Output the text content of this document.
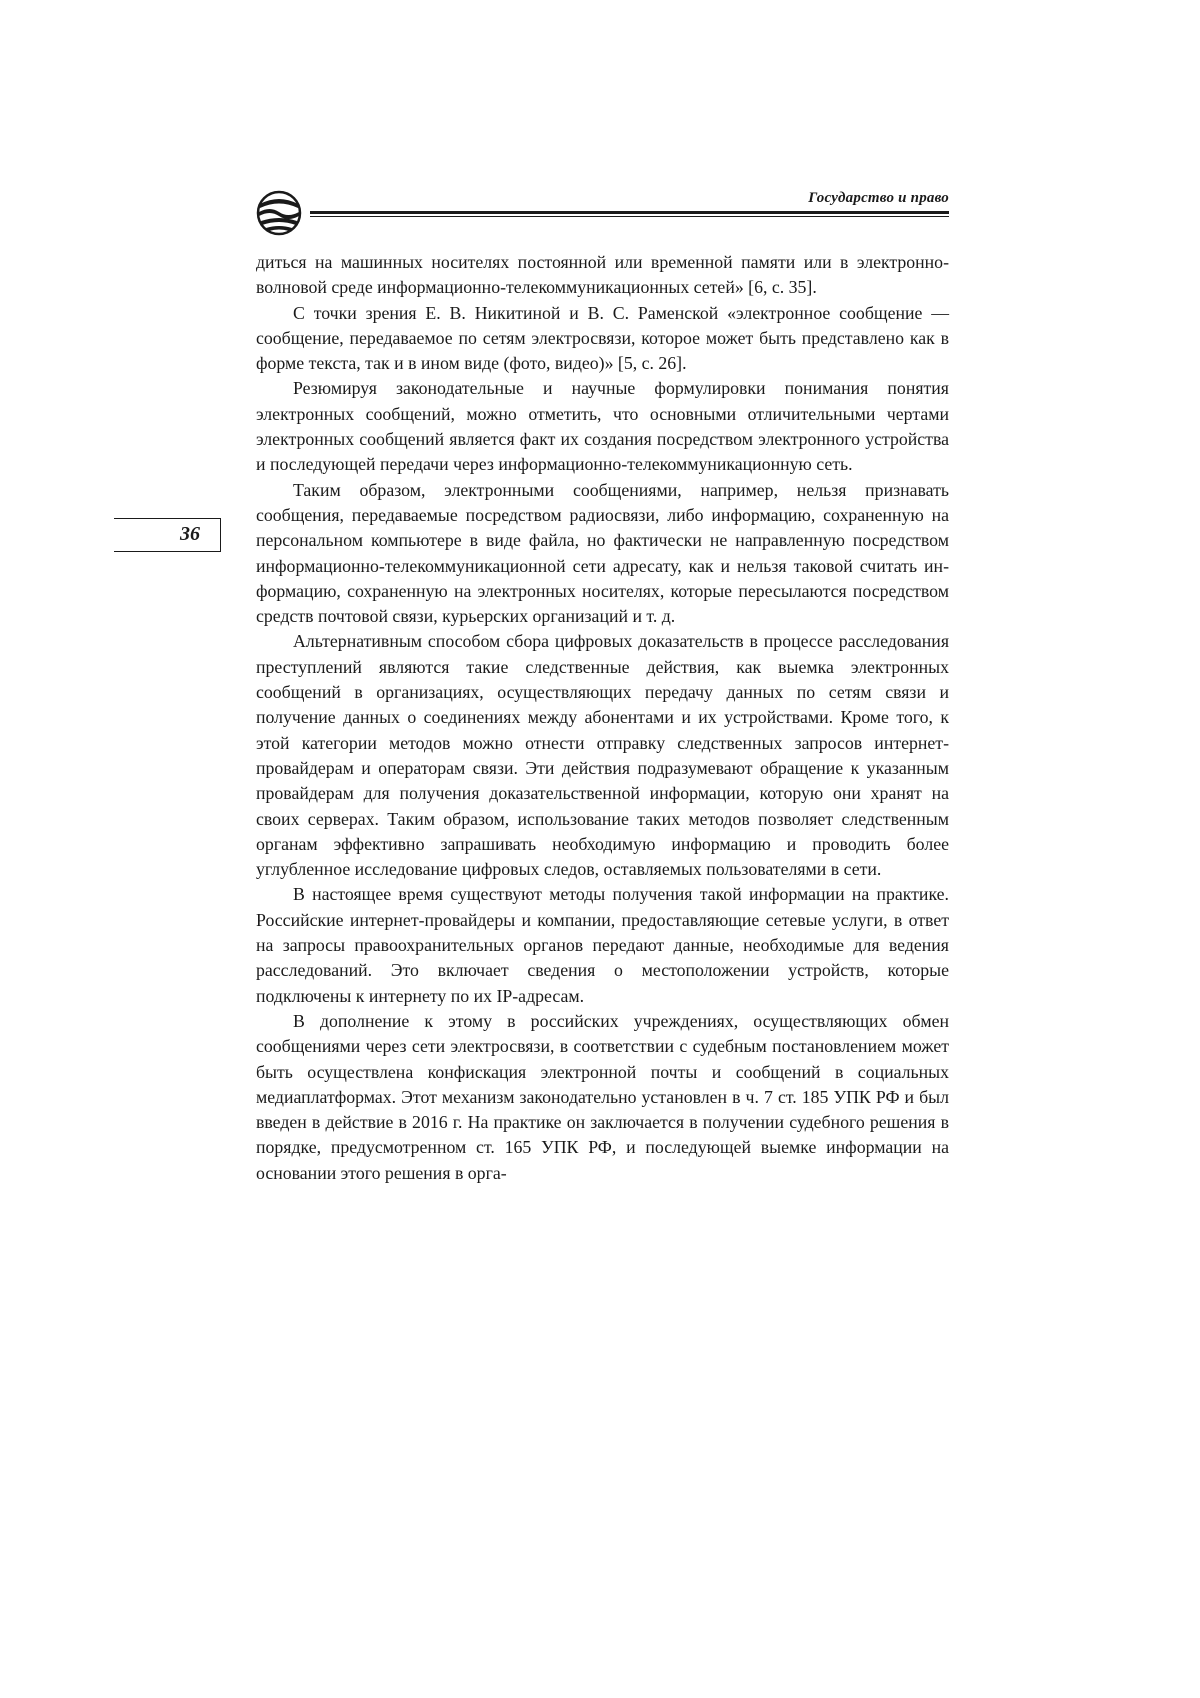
Государство и право
36

диться на машинных носителях постоянной или временной памяти или в электронно-волновой среде информационно-телекоммуникационных сетей» [6, с. 35].

С точки зрения Е. В. Никитиной и В. С. Раменской «электронное сообщение — сообщение, передаваемое по сетям электросвязи, которое может быть представлено как в форме текста, так и в ином виде (фото, видео)» [5, с. 26].

Резюмируя законодательные и научные формулировки понимания понятия электронных сообщений, можно отметить, что основными отличительными чертами электронных сообщений является факт их создания посредством электронного устройства и последующей передачи через информационно-телекоммуникационную сеть.

Таким образом, электронными сообщениями, например, нельзя признавать сообщения, передаваемые посредством радиосвязи, либо информацию, сохраненную на персональном компьютере в виде файла, но фактически не направленную посредством информационно-телекоммуникационной сети адресату, как и нельзя таковой считать информацию, сохраненную на электронных носителях, которые пересылаются посредством средств почтовой связи, курьерских организаций и т. д.

Альтернативным способом сбора цифровых доказательств в процессе расследования преступлений являются такие следственные действия, как выемка электронных сообщений в организациях, осуществляющих передачу данных по сетям связи и получение данных о соединениях между абонентами и их устройствами. Кроме того, к этой категории методов можно отнести отправку следственных запросов интернет-провайдерам и операторам связи. Эти действия подразумевают обращение к указанным провайдерам для получения доказательственной информации, которую они хранят на своих серверах. Таким образом, использование таких методов позволяет следственным органам эффективно запрашивать необходимую информацию и проводить более углубленное исследование цифровых следов, оставляемых пользователями в сети.

В настоящее время существуют методы получения такой информации на практике. Российские интернет-провайдеры и компании, предоставляющие сетевые услуги, в ответ на запросы правоохранительных органов передают данные, необходимые для ведения расследований. Это включает сведения о местоположении устройств, которые подключены к интернету по их IP-адресам.

В дополнение к этому в российских учреждениях, осуществляющих обмен сообщениями через сети электросвязи, в соответствии с судебным постановлением может быть осуществлена конфискация электронной почты и сообщений в социальных медиаплатформах. Этот механизм законодательно установлен в ч. 7 ст. 185 УПК РФ и был введен в действие в 2016 г. На практике он заключается в получении судебного решения в порядке, предусмотренном ст. 165 УПК РФ, и последующей выемке информации на основании этого решения в орга-
